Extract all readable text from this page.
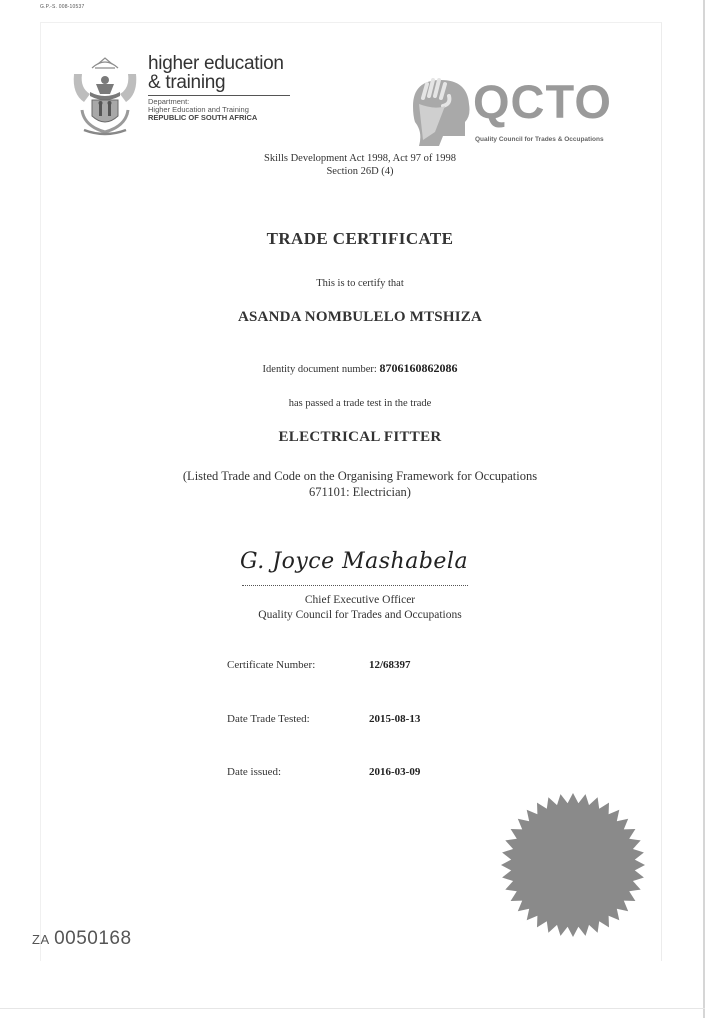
G.P.-S. 008-10537
higher education
& training
Department:
Higher Education and Training
REPUBLIC OF SOUTH AFRICA	QCTO
Quality Council for Trades & Occupations
Skills Development Act 1998, Act 97 of 1998
Section 26D (4)
TRADE CERTIFICATE
This is to certify that
ASANDA NOMBULELO MTSHIZA
Identity document number: 8706160862086
has passed a trade test in the trade
ELECTRICAL FITTER
(Listed Trade and Code on the Organising Framework for Occupations
671101: Electrician)
G. Joyce Mashabela
Chief Executive Officer
Quality Council for Trades and Occupations
Certificate Number:	12/68397
Date Trade Tested:	2015-08-13
Date issued:	2016-03-09
ZA 0050168
